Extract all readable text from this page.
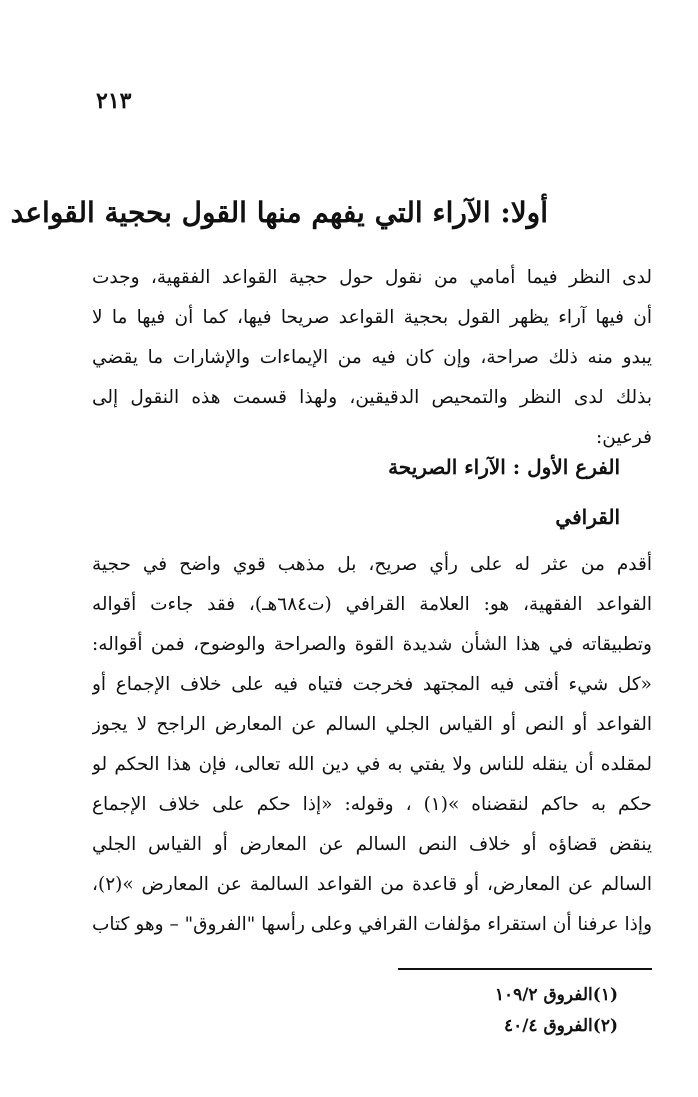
٢١٣
أولا: الآراء التي يفهم منها القول بحجية القواعد
لدى النظر فيما أمامي من نقول حول حجية القواعد الفقهية، وجدت
أن فيها آراء يظهر القول بحجية القواعد صريحا فيها، كما أن فيها ما لا
يبدو منه ذلك صراحة، وإن كان فيه من الإيماءات والإشارات ما يقضي
بذلك لدى النظر والتمحيص الدقيقين، ولهذا قسمت هذه النقول إلى
فرعين:
الفرع الأول : الآراء الصريحة
القرافي
أقدم من عثر له على رأي صريح، بل مذهب قوي واضح في حجية
القواعد الفقهية، هو: العلامة القرافي (ت٦٨٤هـ)، فقد جاءت أقواله
وتطبيقاته في هذا الشأن شديدة القوة والصراحة والوضوح، فمن أقواله:
«كل شيء أفتى فيه المجتهد فخرجت فتياه فيه على خلاف الإجماع أو
القواعد أو النص أو القياس الجلي السالم عن المعارض الراجح لا يجوز
لمقلده أن ينقله للناس ولا يفتي به في دين الله تعالى، فإن هذا الحكم لو
حكم به حاكم لنقضناه »(١) ، وقوله: «إذا حكم على خلاف الإجماع
ينقض قضاؤه أو خلاف النص السالم عن المعارض أو القياس الجلي
السالم عن المعارض، أو قاعدة من القواعد السالمة عن المعارض »(٢)،
وإذا عرفنا أن استقراء مؤلفات القرافي وعلى رأسها "الفروق" – وهو كتاب
(١)الفروق ١٠٩/٢
(٢)الفروق ٤٠/٤
